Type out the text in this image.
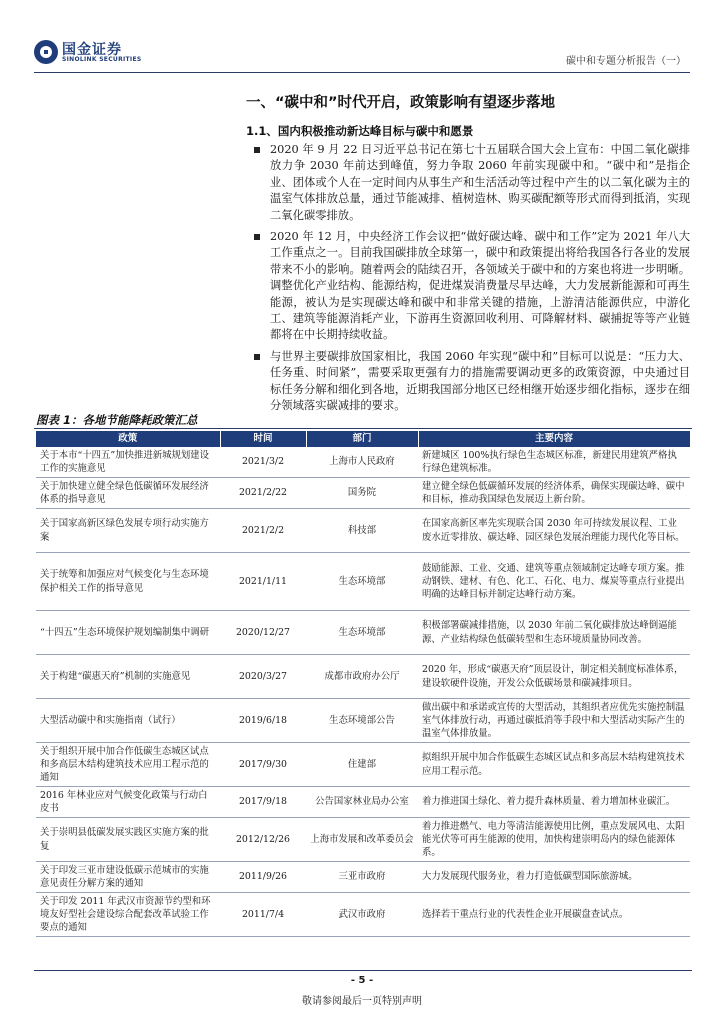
国金证券
SINOLINK SECURITIES	碳中和专题分析报告（一）
一、“碳中和”时代开启，政策影响有望逐步落地
1.1、国内积极推动新达峰目标与碳中和愿景
2020 年 9 月 22 日习近平总书记在第七十五届联合国大会上宣布：中国二氧化碳排放力争 2030 年前达到峰值，努力争取 2060 年前实现碳中和。“碳中和”是指企业、团体或个人在一定时间内从事生产和生活活动等过程中产生的以二氧化碳为主的温室气体排放总量，通过节能减排、植树造林、购买碳配额等形式而得到抵消，实现二氧化碳零排放。
2020 年 12 月，中央经济工作会议把“做好碳达峰、碳中和工作”定为 2021 年八大工作重点之一。目前我国碳排放全球第一，碳中和政策提出将给我国各行各业的发展带来不小的影响。随着两会的陆续召开，各领域关于碳中和的方案也将进一步明晰。调整优化产业结构、能源结构，促进煤炭消费量尽早达峰，大力发展新能源和可再生能源，被认为是实现碳达峰和碳中和非常关键的措施，上游清洁能源供应，中游化工、建筑等能源消耗产业，下游再生资源回收利用、可降解材料、碳捕捉等等产业链都将在中长期持续收益。
与世界主要碳排放国家相比，我国 2060 年实现“碳中和”目标可以说是：“压力大、任务重、时间紧”，需要采取更强有力的措施需要调动更多的政策资源，中央通过目标任务分解和细化到各地，近期我国部分地区已经相继开始逐步细化指标，逐步在细分领域落实碳减排的要求。
图表 1：各地节能降耗政策汇总
政策	时间	部门	主要内容
关于本市“十四五”加快推进新城规划建设工作的实施意见	2021/3/2	上海市人民政府	新建城区 100%执行绿色生态城区标准，新建民用建筑严格执行绿色建筑标准。
关于加快建立健全绿色低碳循环发展经济体系的指导意见	2021/2/22	国务院	建立健全绿色低碳循环发展的经济体系，确保实现碳达峰、碳中和目标，推动我国绿色发展迈上新台阶。
关于国家高新区绿色发展专项行动实施方案	2021/2/2	科技部	在国家高新区率先实现联合国 2030 年可持续发展议程、工业废水近零排放、碳达峰、园区绿色发展治理能力现代化等目标。
关于统筹和加强应对气候变化与生态环境保护相关工作的指导意见	2021/1/11	生态环境部	鼓励能源、工业、交通、建筑等重点领域制定达峰专项方案。推动钢铁、建材、有色、化工、石化、电力、煤炭等重点行业提出明确的达峰目标并制定达峰行动方案。
“十四五”生态环境保护规划编制集中调研	2020/12/27	生态环境部	积极部署碳减排措施，以 2030 年前二氧化碳排放达峰倒逼能源、产业结构绿色低碳转型和生态环境质量协同改善。
关于构建“碳惠天府”机制的实施意见	2020/3/27	成都市政府办公厅	2020 年，形成“碳惠天府”顶层设计，制定相关制度标准体系，建设软硬件设施，开发公众低碳场景和碳减排项目。
大型活动碳中和实施指南（试行）	2019/6/18	生态环境部公告	做出碳中和承诺或宣传的大型活动，其组织者应优先实施控制温室气体排放行动，再通过碳抵消等手段中和大型活动实际产生的温室气体排放量。
关于组织开展中加合作低碳生态城区试点和多高层木结构建筑技术应用工程示范的通知	2017/9/30	住建部	拟组织开展中加合作低碳生态城区试点和多高层木结构建筑技术应用工程示范。
2016 年林业应对气候变化政策与行动白皮书	2017/9/18	公告国家林业局办公室	着力推进国土绿化、着力提升森林质量、着力增加林业碳汇。
关于崇明县低碳发展实践区实施方案的批复	2012/12/26	上海市发展和改革委员会	着力推进燃气、电力等清洁能源使用比例，重点发展风电、太阳能光伏等可再生能源的使用，加快构建崇明岛内的绿色能源体系。
关于印发三亚市建设低碳示范城市的实施意见责任分解方案的通知	2011/9/26	三亚市政府	大力发展现代服务业，着力打造低碳型国际旅游城。
关于印发 2011 年武汉市资源节约型和环境友好型社会建设综合配套改革试验工作要点的通知	2011/7/4	武汉市政府	选择若干重点行业的代表性企业开展碳盘查试点。
- 5 -
敬请参阅最后一页特别声明
